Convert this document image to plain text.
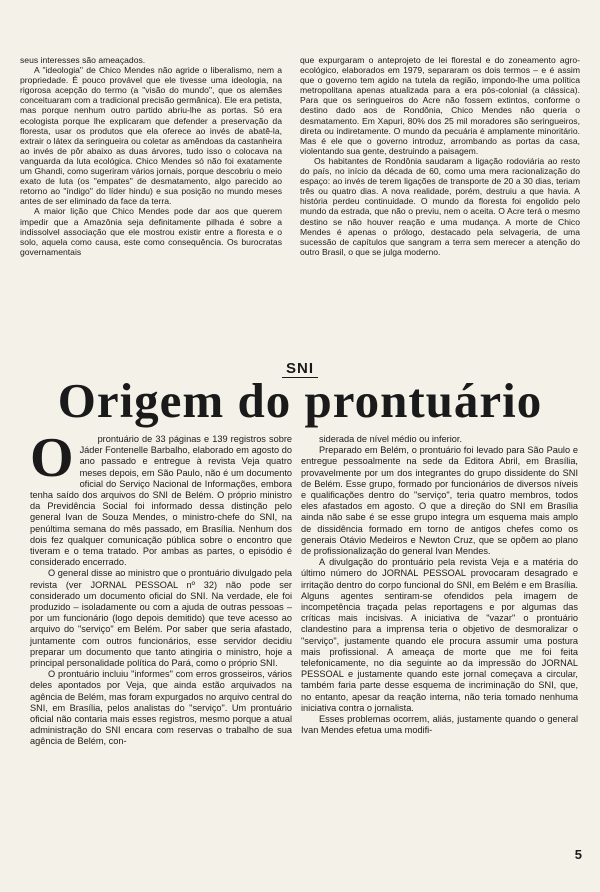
seus interesses são ameaçados.

A "ideologia" de Chico Mendes não agride o liberalismo, nem a propriedade. É pouco provável que ele tivesse uma ideologia, na rigorosa acepção do termo (a "visão do mundo", que os alemães conceituaram com a tradicional precisão germânica). Ele era petista, mas porque nenhum outro partido abriu-lhe as portas. Só era ecologista porque lhe explicaram que defender a preservação da floresta, usar os produtos que ela oferece ao invés de abatê-la, extrair o látex da seringueira ou coletar as amêndoas da castanheira ao invés de pôr abaixo as duas árvores, tudo isso o colocava na vanguarda da luta ecológica. Chico Mendes só não foi exatamente um Ghandi, como sugeriram vários jornais, porque descobriu o meio exato de luta (os "empates" de desmatamento, algo parecido ao retorno ao "índigo" do líder hindu) e sua posição no mundo meses antes de ser eliminado da face da terra.

A maior lição que Chico Mendes pode dar aos que querem impedir que a Amazônia seja definitamente pilhada é sobre a indissolvel associação que ele mostrou existir entre a floresta e o solo, aquela como causa, este como consequência. Os burocratas governamentais

que expurgaram o anteprojeto de lei florestal e do zoneamento agro-ecológico, elaborados em 1979, separaram os dois termos – e é assim que o governo tem agido na tutela da região, impondo-lhe uma política metropolitana apenas atualizada para a era pós-colonial (a clássica). Para que os seringueiros do Acre não fossem extintos, conforme o destino dado aos de Rondônia, Chico Mendes não queria o desmatamento. Em Xapuri, 80% dos 25 mil moradores são seringueiros, direta ou indiretamente. O mundo da pecuária é amplamente minoritário. Mas é ele que o governo introduz, arrombando as portas da casa, violentando sua gente, destruindo a paisagem.

Os habitantes de Rondônia saudaram a ligação rodoviária ao resto do país, no início da década de 60, como uma mera racionalização do espaço: ao invés de terem ligações de transporte de 20 a 30 dias, teriam três ou quatro dias. A nova realidade, porém, destruiu a que havia. A história perdeu continuidade. O mundo da floresta foi engolido pelo mundo da estrada, que não o previu, nem o aceita. O Acre terá o mesmo destino se não houver reação e uma mudança. A morte de Chico Mendes é apenas o prólogo, destacado pela selvageria, de uma sucessão de capítulos que sangram a terra sem merecer a atenção do outro Brasil, o que se julga moderno.

SNI
Origem do prontuário
O	prontuário de 33 páginas e 139 registros sobre Jáder Fontenelle Barbalho, elaborado em agosto do ano passado e entregue à revista Veja quatro meses depois, em São Paulo, não é um documento oficial do Serviço Nacional de Informações, embora tenha saído dos arquivos do SNI de Belém. O próprio ministro da Previdência Social foi informado dessa distinção pelo general Ivan de Souza Mendes, o ministro-chefe do SNI, na penúltima semana do mês passado, em Brasília. Nenhum dos dois fez qualquer comunicação pública sobre o encontro que tiveram e o tema tratado. Por ambas as partes, o episódio é considerado encerrado.

O general disse ao ministro que o prontuário divulgado pela revista (ver JORNAL PESSOAL nº 32) não pode ser considerado um documento oficial do SNI. Na verdade, ele foi produzido – isoladamente ou com a ajuda de outras pessoas – por um funcionário (logo depois demitido) que teve acesso ao arquivo do "serviço" em Belém. Por saber que seria afastado, juntamente com outros funcionários, esse servidor decidiu preparar um documento que tanto atingiria o ministro, hoje a principal personalidade política do Pará, como o próprio SNI.

O prontuário incluiu "informes" com erros grosseiros, vários deles apontados por Veja, que ainda estão arquivados na agência de Belém, mas foram expurgados no arquivo central do SNI, em Brasília, pelos analistas do "serviço". Um prontuário oficial não contaria mais esses registros, mesmo porque a atual administração do SNI encara com reservas o trabalho de sua agência de Belém, con-

siderada de nível médio ou inferior.

Preparado em Belém, o prontuário foi levado para São Paulo e entregue pessoalmente na sede da Editora Abril, em Brasília, provavelmente por um dos integrantes do grupo dissidente do SNI de Belém. Esse grupo, formado por funcionários de diversos níveis e qualificações dentro do "serviço", teria quatro membros, todos eles afastados em agosto. O que a direção do SNI em Brasília ainda não sabe é se esse grupo integra um esquema mais amplo de dissidência formado em torno de antigos chefes como os generais Otávio Medeiros e Newton Cruz, que se opõem ao plano de profissionalização do general Ivan Mendes.

A divulgação do prontuário pela revista Veja e a matéria do último número do JORNAL PESSOAL provocaram desagrado e irritação dentro do corpo funcional do SNI, em Belém e em Brasília. Alguns agentes sentiram-se ofendidos pela imagem de incompetência traçada pelas reportagens e por algumas das críticas mais incisivas. A iniciativa de "vazar" o prontuário clandestino para a imprensa teria o objetivo de desmoralizar o "serviço", justamente quando ele procura assumir uma postura mais profissional. A ameaça de morte que me foi feita telefonicamente, no dia seguinte ao da impressão do JORNAL PESSOAL e justamente quando este jornal começava a circular, também faria parte desse esquema de incriminação do SNI, que, no entanto, apesar da reação interna, não teria tomado nenhuma iniciativa contra o jornalista.

Esses problemas ocorrem, aliás, justamente quando o general Ivan Mendes efetua uma modifi-

5
